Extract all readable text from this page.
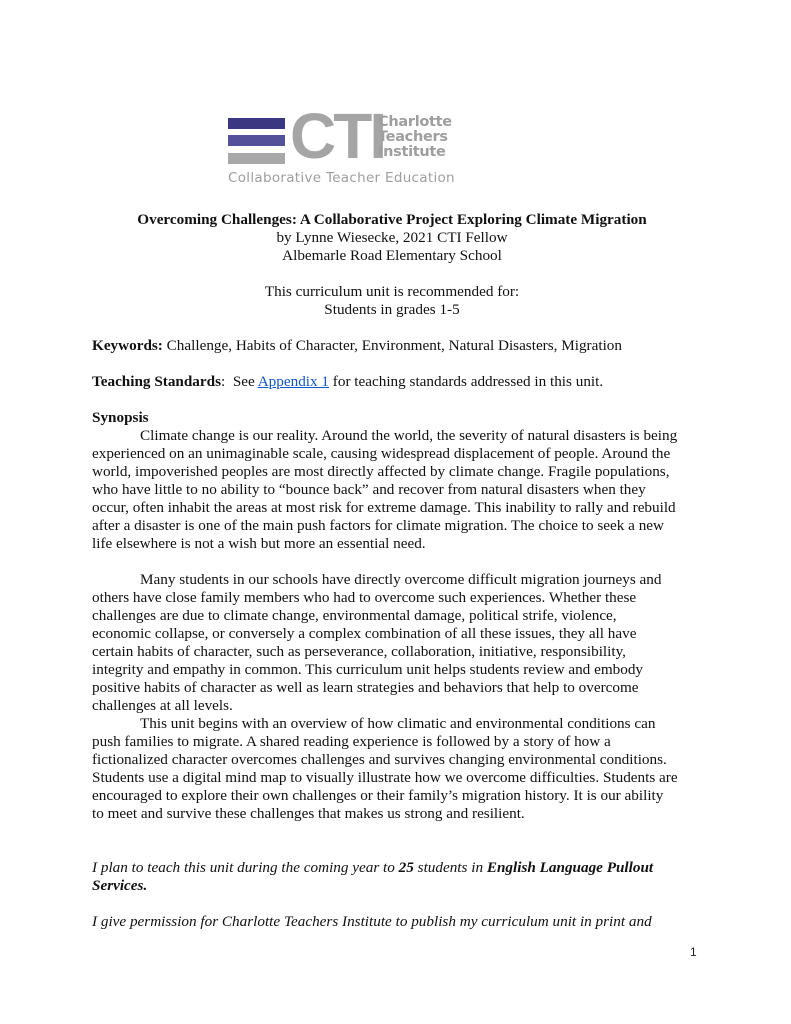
CTI
Charlotte
Teachers
Institute
Collaborative Teacher Education
Overcoming Challenges: A Collaborative Project Exploring Climate Migration
by Lynne Wiesecke, 2021 CTI Fellow
Albemarle Road Elementary School
This curriculum unit is recommended for:
Students in grades 1-5
Keywords: Challenge, Habits of Character, Environment, Natural Disasters, Migration
Teaching Standards:  See Appendix 1 for teaching standards addressed in this unit.
Synopsis
Climate change is our reality. Around the world, the severity of natural disasters is being experienced on an unimaginable scale, causing widespread displacement of people. Around the world, impoverished peoples are most directly affected by climate change. Fragile populations, who have little to no ability to “bounce back” and recover from natural disasters when they occur, often inhabit the areas at most risk for extreme damage. This inability to rally and rebuild after a disaster is one of the main push factors for climate migration. The choice to seek a new life elsewhere is not a wish but more an essential need.
Many students in our schools have directly overcome difficult migration journeys and others have close family members who had to overcome such experiences. Whether these challenges are due to climate change, environmental damage, political strife, violence, economic collapse, or conversely a complex combination of all these issues, they all have certain habits of character, such as perseverance, collaboration, initiative, responsibility, integrity and empathy in common. This curriculum unit helps students review and embody positive habits of character as well as learn strategies and behaviors that help to overcome challenges at all levels.
This unit begins with an overview of how climatic and environmental conditions can push families to migrate. A shared reading experience is followed by a story of how a fictionalized character overcomes challenges and survives changing environmental conditions. Students use a digital mind map to visually illustrate how we overcome difficulties. Students are encouraged to explore their own challenges or their family’s migration history. It is our ability to meet and survive these challenges that makes us strong and resilient.
I plan to teach this unit during the coming year to 25 students in English Language Pullout Services.
I give permission for Charlotte Teachers Institute to publish my curriculum unit in print and
1
